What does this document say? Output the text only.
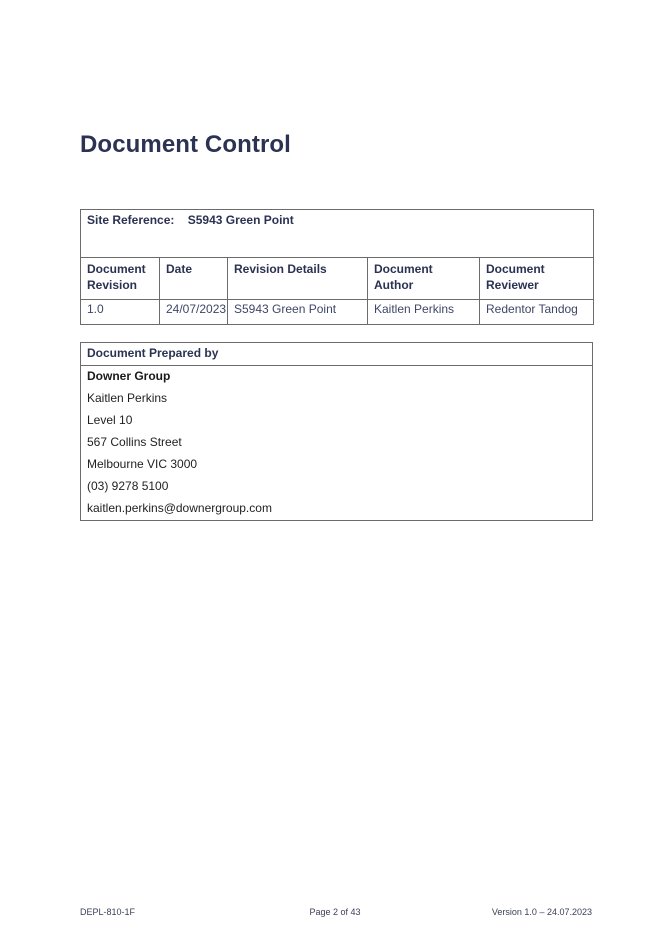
Document Control
Site Reference: S5943 Green Point				
Document Revision	Date	Revision Details	Document Author	Document Reviewer
1.0	24/07/2023	S5943 Green Point	Kaitlen Perkins	Redentor Tandog
Document Prepared by
Downer Group
Kaitlen Perkins
Level 10
567 Collins Street
Melbourne VIC 3000
(03) 9278 5100
kaitlen.perkins@downergroup.com
DEPL-810-1F	Page 2 of 43	Version 1.0 – 24.07.2023
